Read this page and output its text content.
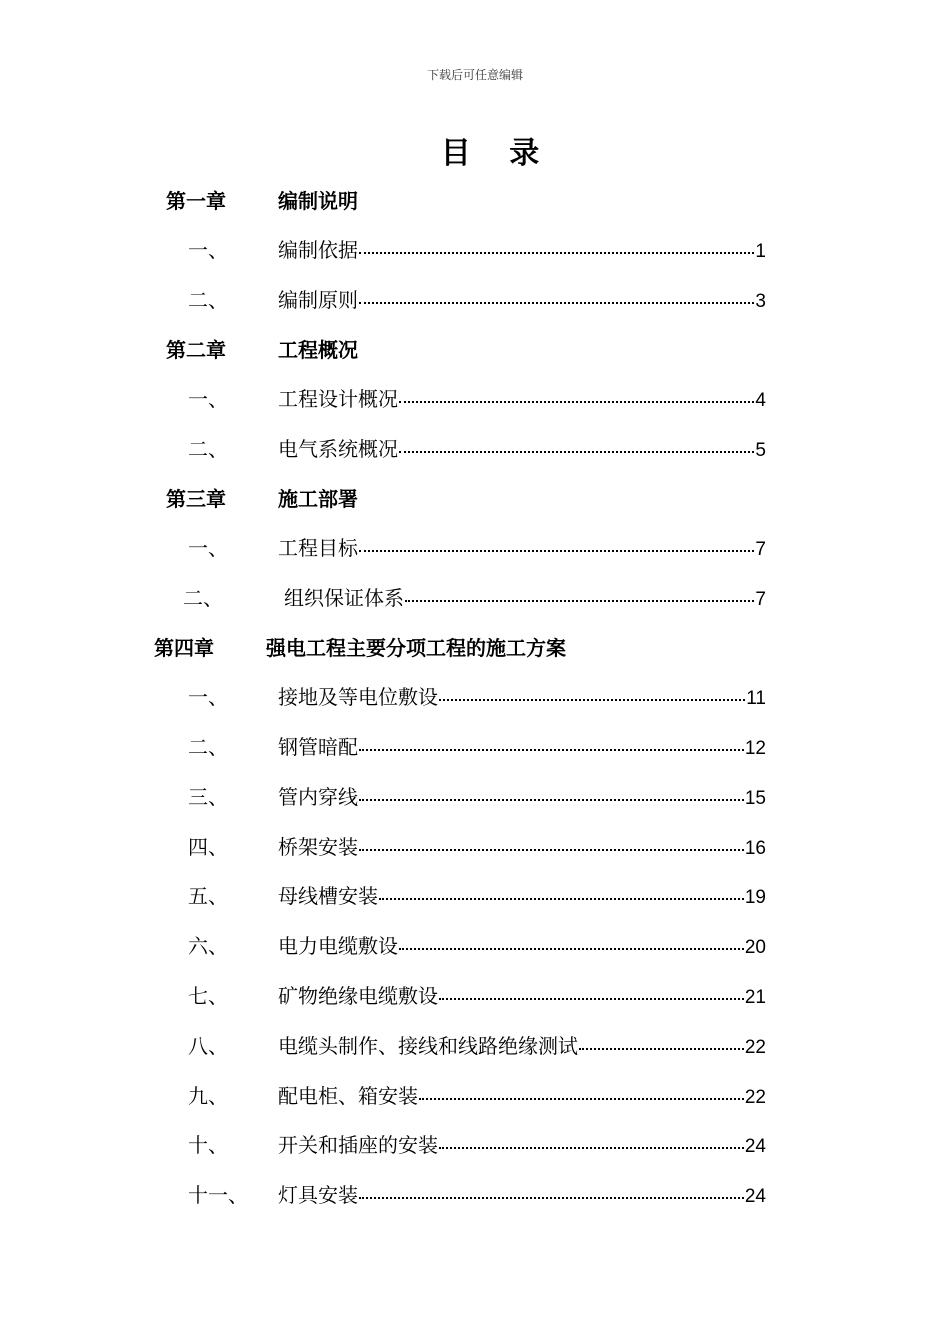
下载后可任意编辑
目 录
第一章	编制说明
一、	编制依据	1
二、	编制原则	3
第二章	工程概况
一、	工程设计概况	4
二、	电气系统概况	5
第三章	施工部署
一、	工程目标	7
二、	组织保证体系	7
第四章	强电工程主要分项工程的施工方案
一、	接地及等电位敷设	11
二、	钢管暗配	12
三、	管内穿线	15
四、	桥架安装	16
五、	母线槽安装	19
六、	电力电缆敷设	20
七、	矿物绝缘电缆敷设	21
八、	电缆头制作、接线和线路绝缘测试	22
九、	配电柜、箱安装	22
十、	开关和插座的安装	24
十一、 灯具安装	24
